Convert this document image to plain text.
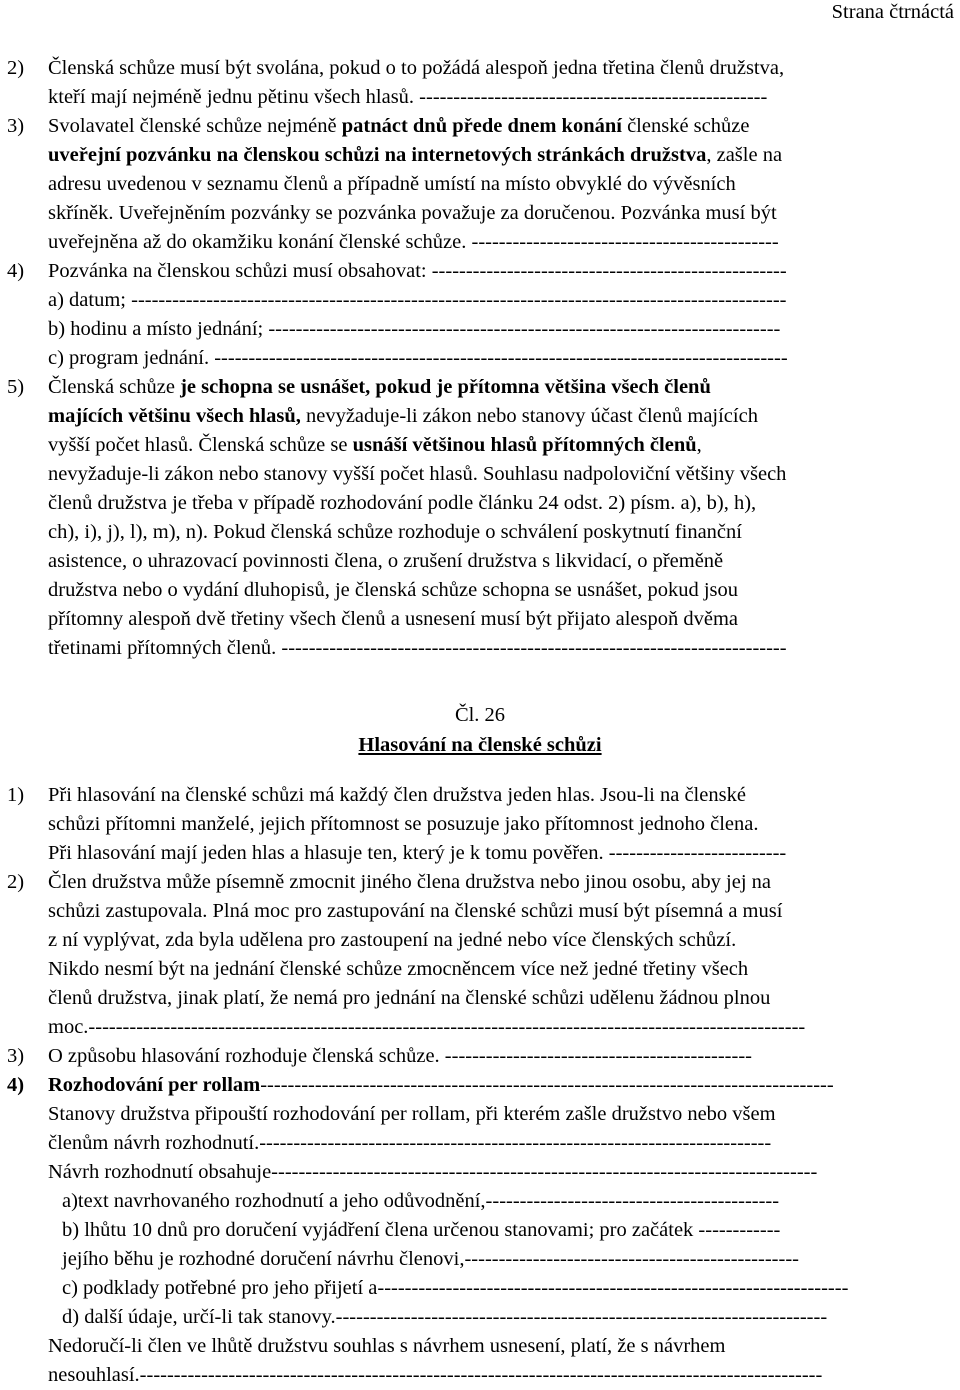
Strana čtrnáctá
2)	Členská schůze musí být svolána, pokud o to požádá alespoň jedna třetina členů družstva,
kteří mají nejméně jednu pětinu všech hlasů. ---------------------------------------------------
3)	Svolavatel členské schůze nejméně patnáct dnů přede dnem konání členské schůze
uveřejní pozvánku na členskou schůzi na internetových stránkách družstva, zašle na
adresu uvedenou v seznamu členů a případně umístí na místo obvyklé do vývěsních
skříněk. Uveřejněním pozvánky se pozvánka považuje za doručenou. Pozvánka musí být
uveřejněna až do okamžiku konání členské schůze. ---------------------------------------------
4)	Pozvánka na členskou schůzi musí obsahovat: ----------------------------------------------------
a) datum; ------------------------------------------------------------------------------------------------
b) hodinu a místo jednání; ---------------------------------------------------------------------------
c) program jednání. ------------------------------------------------------------------------------------
5)	Členská schůze je schopna se usnášet, pokud je přítomna většina všech členů
majících většinu všech hlasů, nevyžaduje-li zákon nebo stanovy účast členů majících
vyšší počet hlasů. Členská schůze se usnáší většinou hlasů přítomných členů,
nevyžaduje-li zákon nebo stanovy vyšší počet hlasů. Souhlasu nadpoloviční většiny všech
členů družstva je třeba v případě rozhodování podle článku 24 odst. 2) písm. a), b), h),
ch), i), j), l), m), n). Pokud členská schůze rozhoduje o schválení poskytnutí finanční
asistence, o uhrazovací povinnosti člena, o zrušení družstva s likvidací, o přeměně
družstva nebo o vydání dluhopisů, je členská schůze schopna se usnášet, pokud jsou
přítomny alespoň dvě třetiny všech členů a usnesení musí být přijato alespoň dvěma
třetinami přítomných členů. --------------------------------------------------------------------------
Čl. 26
Hlasování na členské schůzi
1)	Při hlasování na členské schůzi má každý člen družstva jeden hlas. Jsou-li na členské
schůzi přítomni manželé, jejich přítomnost se posuzuje jako přítomnost jednoho člena.
Při hlasování mají jeden hlas a hlasuje ten, který je k tomu pověřen. --------------------------
2)	Člen družstva může písemně zmocnit jiného člena družstva nebo jinou osobu, aby jej na
schůzi zastupovala. Plná moc pro zastupování na členské schůzi musí být písemná a musí
z ní vyplývat, zda byla udělena pro zastoupení na jedné nebo více členských schůzí.
Nikdo nesmí být na jednání členské schůze zmocněncem více než jedné třetiny všech
členů družstva, jinak platí, že nemá pro jednání na členské schůzi udělenu žádnou plnou
moc.---------------------------------------------------------------------------------------------------------
3)	O způsobu hlasování rozhoduje členská schůze. ---------------------------------------------
4)	Rozhodování per rollam------------------------------------------------------------------------------------
Stanovy družstva připouští rozhodování per rollam, při kterém zašle družstvo nebo všem
členům návrh rozhodnutí.---------------------------------------------------------------------------
Návrh rozhodnutí obsahuje--------------------------------------------------------------------------------
a)text navrhovaného rozhodnutí a jeho odůvodnění,-------------------------------------------
b) lhůtu 10 dnů pro doručení vyjádření člena určenou stanovami; pro začátek ------------
jejího běhu je rozhodné doručení návrhu členovi,-------------------------------------------------
c) podklady potřebné pro jeho přijetí a---------------------------------------------------------------------
d) další údaje, určí-li tak stanovy.------------------------------------------------------------------------
Nedoručí-li člen ve lhůtě družstvu souhlas s návrhem usnesení, platí, že s návrhem
nesouhlasí.----------------------------------------------------------------------------------------------------
